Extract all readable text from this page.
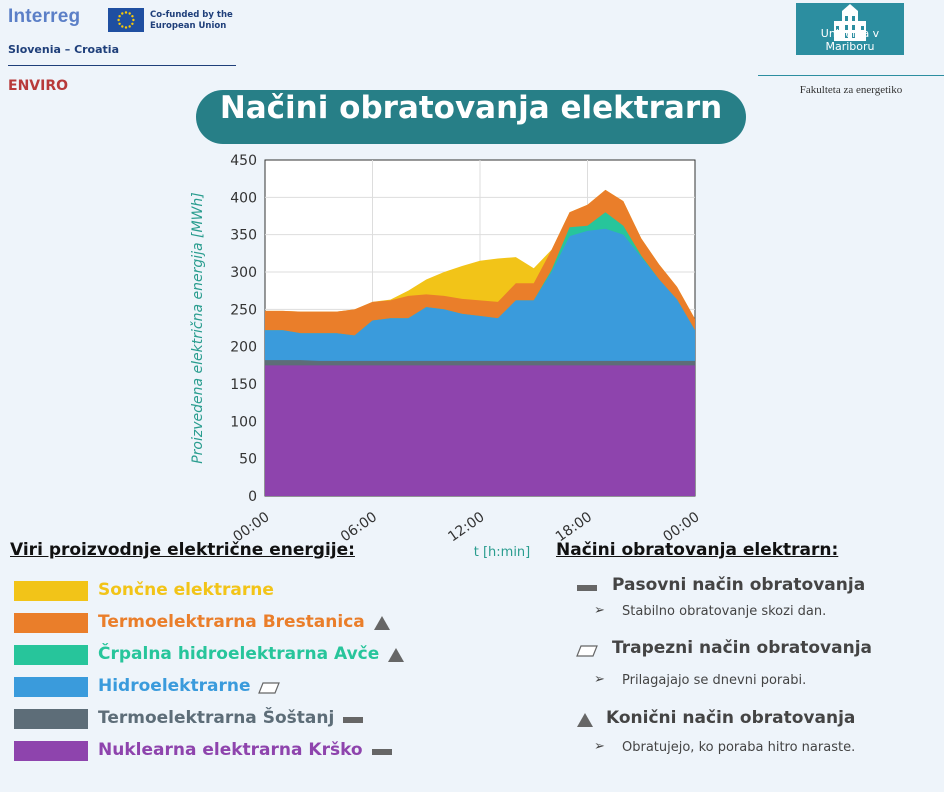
Interreg	Co-funded by the European Union
Slovenia – Croatia
ENVIRO
Univerza v Mariboru
Fakulteta za energetiko
Načini obratovanja elektrarn
0
50
100
150
200
250
300
350
400
450
00:00	06:00	12:00	18:00	00:00
Proizvedena električna energija [MWh]
t [h:min]
Viri proizvodnje električne energije:
Sončne elektrarne
Termoelektrarna Brestanica
Črpalna hidroelektrarna Avče
Hidroelektrarne
Termoelektrarna Šoštanj
Nuklearna elektrarna Krško
Načini obratovanja elektrarn:
Pasovni način obratovanja
➢ Stabilno obratovanje skozi dan.
Trapezni način obratovanja
➢ Prilagajajo se dnevni porabi.
Konični način obratovanja
➢ Obratujejo, ko poraba hitro naraste.
